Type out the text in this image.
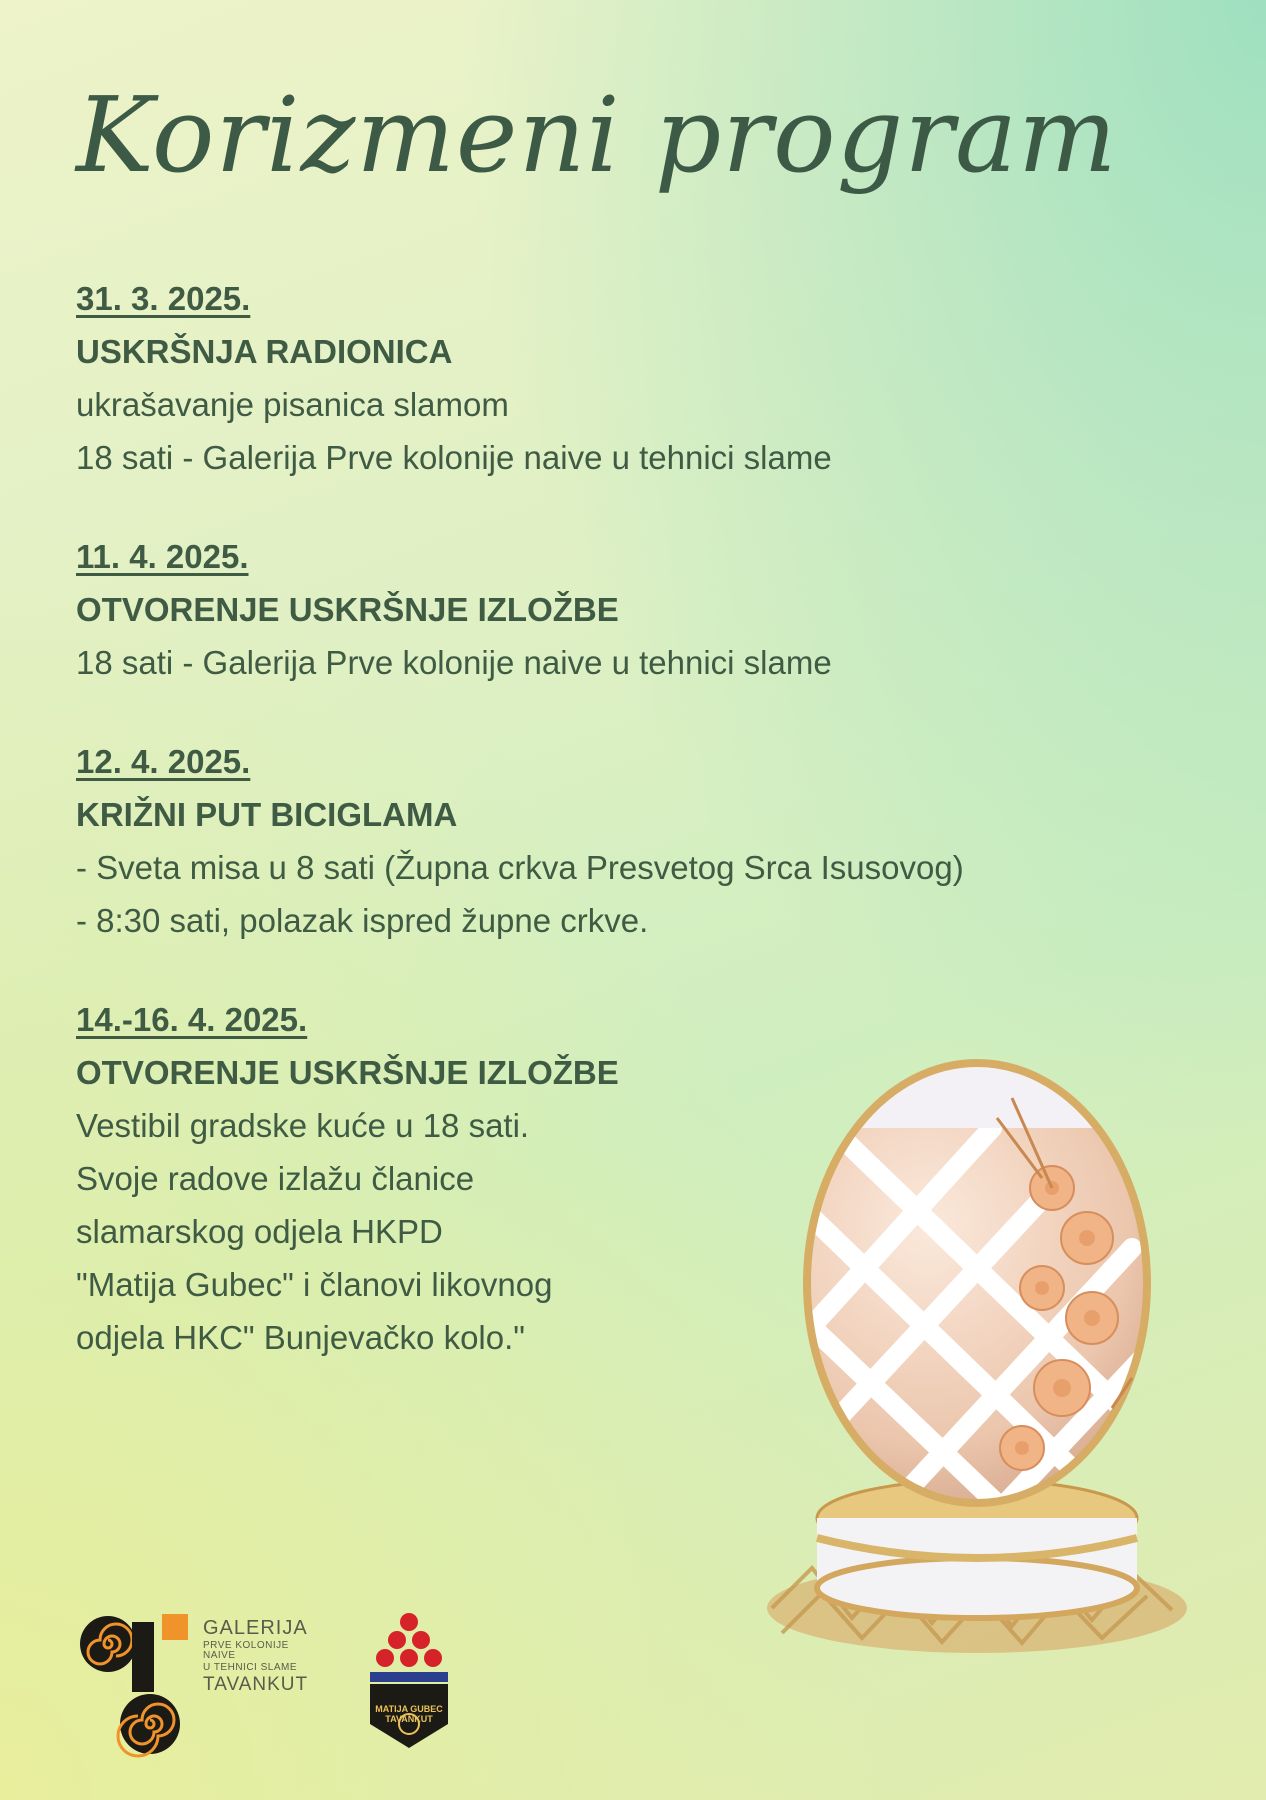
Korizmeni program
31. 3. 2025.
USKRŠNJA RADIONICA
ukrašavanje pisanica slamom
18 sati - Galerija Prve kolonije naive u tehnici slame
11. 4. 2025.
OTVORENJE USKRŠNJE IZLOŽBE
18 sati - Galerija Prve kolonije naive u tehnici slame
12. 4. 2025.
KRIŽNI PUT BICIGLAMA
- Sveta misa u 8 sati (Župna crkva Presvetog Srca Isusovog)
- 8:30 sati, polazak ispred župne crkve.
14.-16. 4. 2025.
OTVORENJE USKRŠNJE IZLOŽBE
Vestibil gradske kuće u 18 sati.
Svoje radove izlažu članice
slamarskog odjela HKPD
"Matija Gubec" i članovi likovnog
odjela HKC" Bunjevačko kolo."
GALERIJA
PRVE KOLONIJE NAIVE
U TEHNICI SLAME
TAVANKUT
MATIJA GUBEC
TAVANKUT
